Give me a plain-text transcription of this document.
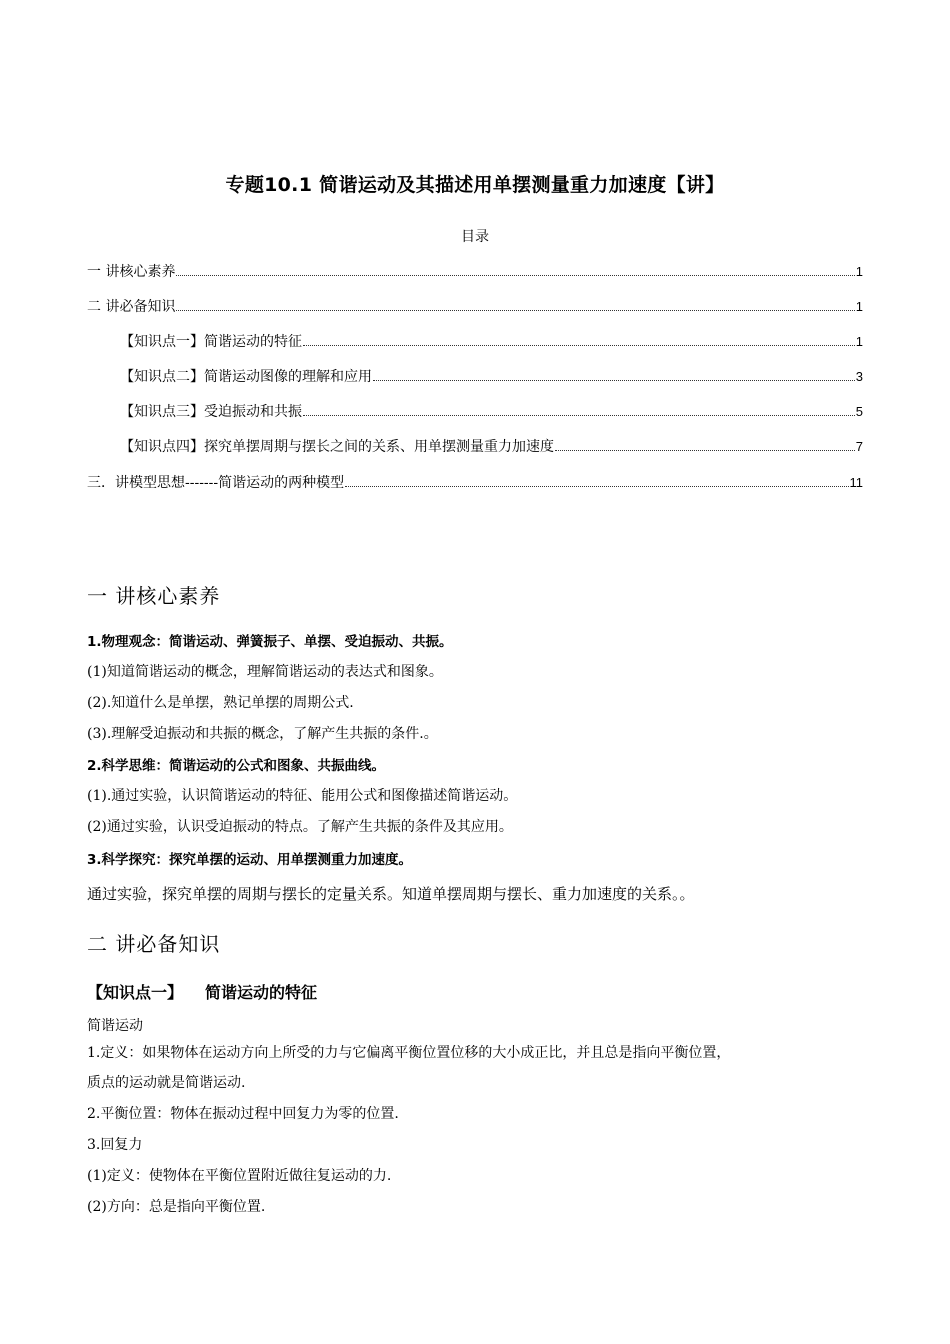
专题10.1 简谐运动及其描述用单摆测量重力加速度【讲】
目录
一 讲核心素养	1
二 讲必备知识	1
【知识点一】简谐运动的特征	1
【知识点二】简谐运动图像的理解和应用	3
【知识点三】受迫振动和共振	5
【知识点四】探究单摆周期与摆长之间的关系、用单摆测量重力加速度	7
三．讲模型思想-------简谐运动的两种模型	11
一 讲核心素养
1.物理观念：简谐运动、弹簧振子、单摆、受迫振动、共振。
(1)知道简谐运动的概念，理解简谐运动的表达式和图象。
(2).知道什么是单摆，熟记单摆的周期公式.
(3).理解受迫振动和共振的概念，了解产生共振的条件.。
2.科学思维：简谐运动的公式和图象、共振曲线。
(1).通过实验，认识简谐运动的特征、能用公式和图像描述简谐运动。
(2)通过实验，认识受迫振动的特点。了解产生共振的条件及其应用。
3.科学探究：探究单摆的运动、用单摆测重力加速度。
通过实验，探究单摆的周期与摆长的定量关系。知道单摆周期与摆长、重力加速度的关系。。
二 讲必备知识
【知识点一】 简谐运动的特征
简谐运动
1.定义：如果物体在运动方向上所受的力与它偏离平衡位置位移的大小成正比，并且总是指向平衡位置，
质点的运动就是简谐运动.
2.平衡位置：物体在振动过程中回复力为零的位置.
3.回复力
(1)定义：使物体在平衡位置附近做往复运动的力.
(2)方向：总是指向平衡位置.
